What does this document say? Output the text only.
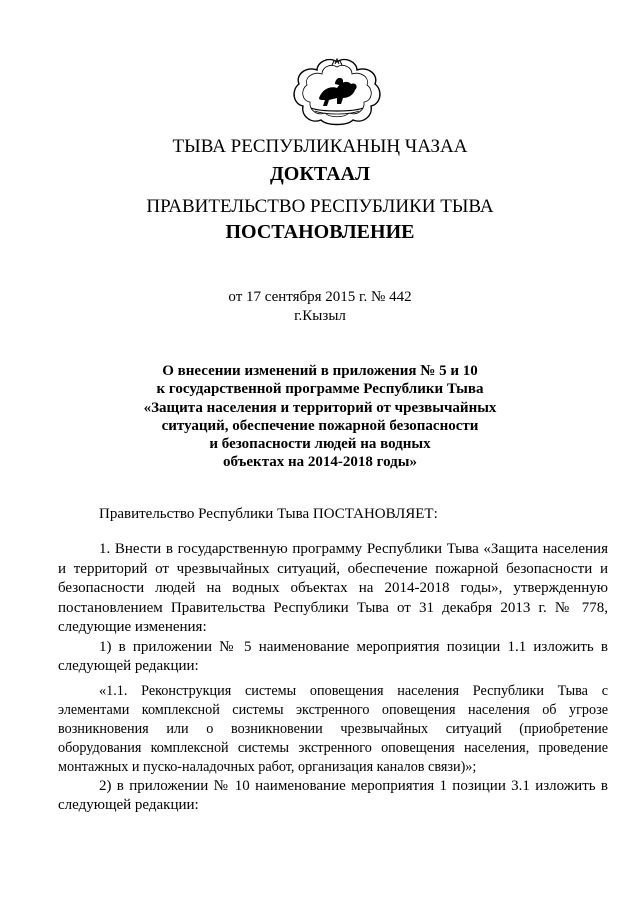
ТЫВА РЕСПУБЛИКАНЫҢ ЧАЗАА
ДОКТААЛ
ПРАВИТЕЛЬСТВО РЕСПУБЛИКИ ТЫВА
ПОСТАНОВЛЕНИЕ
от 17 сентября 2015 г. № 442
г.Кызыл
О внесении изменений в приложения № 5 и 10
к государственной программе Республики Тыва
«Защита населения и территорий от чрезвычайных
ситуаций, обеспечение пожарной безопасности
и безопасности людей на водных
объектах на 2014-2018 годы»

Правительство Республики Тыва ПОСТАНОВЛЯЕТ:

1. Внести в государственную программу Республики Тыва «Защита населения и территорий от чрезвычайных ситуаций, обеспечение пожарной безопасности и безопасности людей на водных объектах на 2014-2018 годы», утвержденную постановлением Правительства Республики Тыва от 31 декабря 2013 г. № 778, следующие изменения:

1) в приложении № 5 наименование мероприятия позиции 1.1 изложить в следующей редакции:

«1.1. Реконструкция системы оповещения населения Республики Тыва с элементами комплексной системы экстренного оповещения населения об угрозе возникновения или о возникновении чрезвычайных ситуаций (приобретение оборудования комплексной системы экстренного оповещения населения, проведение монтажных и пуско-наладочных работ, организация каналов связи)»;

2) в приложении № 10 наименование мероприятия 1 позиции 3.1 изложить в следующей редакции:
